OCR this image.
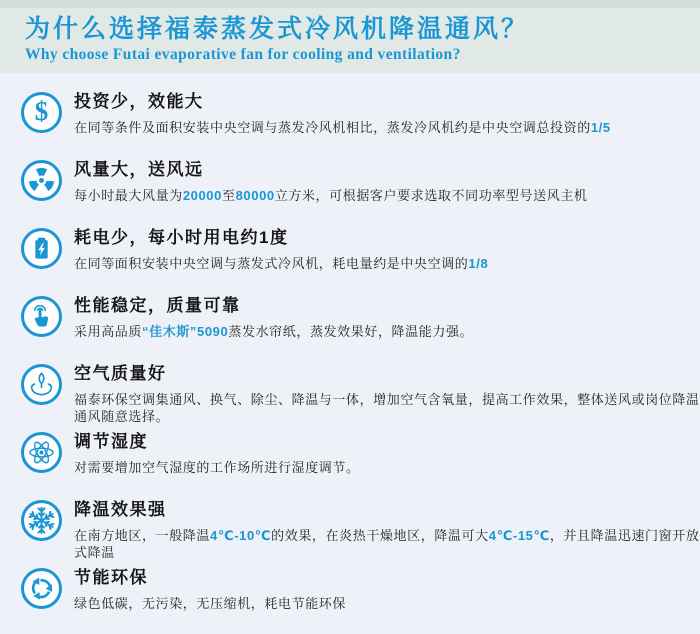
为什么选择福泰蒸发式冷风机降温通风？
Why choose Futai evaporative fan for cooling and ventilation?
$ 投资少，效能大

在同等条件及面积安装中央空调与蒸发冷风机相比，蒸发冷风机约是中央空调总投资的1/5

风量大，送风远

每小时最大风量为20000至80000立方米，可根据客户要求选取不同功率型号送风主机

耗电少，每小时用电约1度

在同等面积安装中央空调与蒸发式冷风机，耗电量约是中央空调的1/8

性能稳定，质量可靠

采用高品质“佳木斯”5090蒸发水帘纸，蒸发效果好，降温能力强。

空气质量好

福泰环保空调集通风、换气、除尘、降温与一体，增加空气含氧量，提高工作效果，整体送风或岗位降温通风随意选择。

调节湿度

对需要增加空气湿度的工作场所进行湿度调节。

降温效果强

在南方地区，一般降温4℃-10℃的效果，在炎热干燥地区，降温可大4℃-15℃，并且降温迅速门窗开放式降温

节能环保

绿色低碳，无污染，无压缩机，耗电节能环保
